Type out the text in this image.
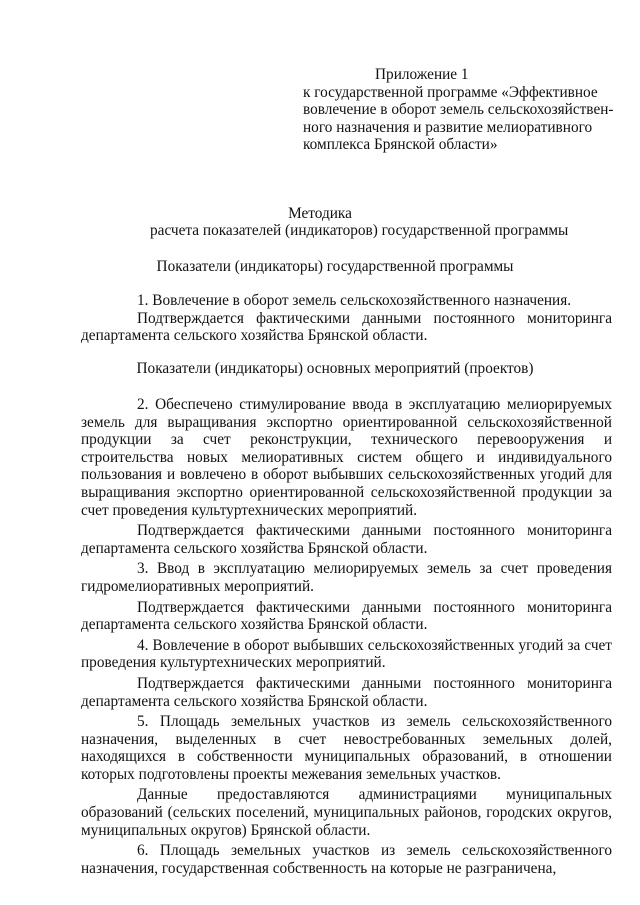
Приложение 1
к государственной программе «Эффективное
вовлечение в оборот земель сельскохозяйствен-
ного назначения и развитие мелиоративного
комплекса Брянской области»
Методика
расчета показателей (индикаторов) государственной программы
Показатели (индикаторы) государственной программы

1. Вовлечение в оборот земель сельскохозяйственного назначения.

Подтверждается фактическими данными постоянного мониторинга департамента сельского хозяйства Брянской области.

Показатели (индикаторы) основных мероприятий (проектов)

2. Обеспечено стимулирование ввода в эксплуатацию мелиорируемых земель для выращивания экспортно ориентированной сельскохозяйственной продукции за счет реконструкции, технического перевооружения и строительства новых мелиоративных систем общего и индивидуального пользования и вовлечено в оборот выбывших сельскохозяйственных угодий для выращивания экспортно ориентированной сельскохозяйственной продукции за счет проведения культуртехнических мероприятий.

Подтверждается фактическими данными постоянного мониторинга департамента сельского хозяйства Брянской области.

3. Ввод в эксплуатацию мелиорируемых земель за счет проведения гидромелиоративных мероприятий.

Подтверждается фактическими данными постоянного мониторинга департамента сельского хозяйства Брянской области.

4. Вовлечение в оборот выбывших сельскохозяйственных угодий за счет проведения культуртехнических мероприятий.

Подтверждается фактическими данными постоянного мониторинга департамента сельского хозяйства Брянской области.

5. Площадь земельных участков из земель сельскохозяйственного назначения, выделенных в счет невостребованных земельных долей, находящихся в собственности муниципальных образований, в отношении которых подготовлены проекты межевания земельных участков.

Данные предоставляются администрациями муниципальных образований (сельских поселений, муниципальных районов, городских округов, муниципальных округов) Брянской области.

6. Площадь земельных участков из земель сельскохозяйственного назначения, государственная собственность на которые не разграничена,
